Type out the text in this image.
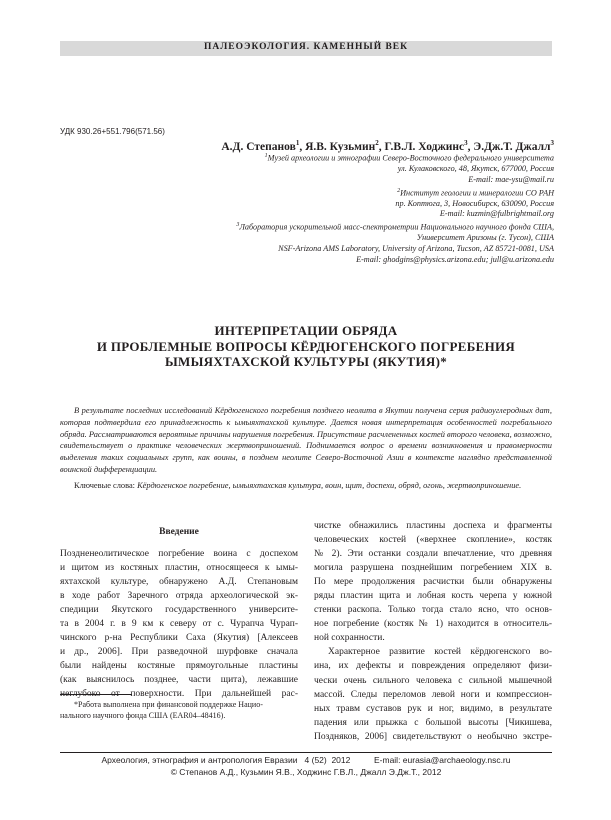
ПАЛЕОЭКОЛОГИЯ. КАМЕННЫЙ ВЕК
УДК 930.26+551.796(571.56)
А.Д. Степанов$^1$, Я.В. Кузьмин$^2$, Г.В.Л. Ходжинс$^3$, Э.Дж.Т. Джалл$^3$
$^1$Музей археологии и этнографии Северо-Восточного федерального университета
ул. Кулаковского, 48, Якутск, 677000, Россия
E-mail: mae-ysu@mail.ru
$^2$Институт геологии и минералогии СО РАН
пр. Коптюга, 3, Новосибирск, 630090, Россия
E-mail: kuzmin@fulbrightmail.org
$^3$Лаборатория ускорительной масс-спектрометрии Национального научного фонда США,
Университет Аризоны (г. Тусон), США
NSF-Arizona AMS Laboratory, University of Arizona, Tucson, AZ 85721-0081, USA
E-mail: ghodgins@physics.arizona.edu; jull@u.arizona.edu
ИНТЕРПРЕТАЦИИ ОБРЯДА
И ПРОБЛЕМНЫЕ ВОПРОСЫ КЁРДЮГЕНСКОГО ПОГРЕБЕНИЯ
ЫМЫЯХТАХСКОЙ КУЛЬТУРЫ (ЯКУТИЯ)*
В результате последних исследований Кёрдюгенского погребения позднего неолита в Якутии получена серия радиоуглеродных дат, которая подтвердила его принадлежность к ымыяхтахской культуре. Дается новая интерпретация особенностей погребального обряда. Рассматриваются вероятные причины нарушения погребения. Присутствие расчлененных костей второго человека, возможно, свидетельствует о практике человеческих жертвоприношений. Поднимается вопрос о времени возникновения и правомерности выделения таких социальных групп, как воины, в позднем неолите Северо-Восточной Азии в контексте наглядно представленной воинской дифференциации.
Ключевые слова: Кёрдюгенское погребение, ымыяхтахская культура, воин, щит, доспехи, обряд, огонь, жертвоприношение.
Введение
Поздненеолитическое погребение воина с доспехом
и щитом из костяных пластин, относящееся к ымы-
яхтахской культуре, обнаружено А.Д. Степановым
в ходе работ Заречного отряда археологической эк-
спедиции Якутского государственного университе-
та в 2004 г. в 9 км к северу от с. Чурапча Чурап-
чинского р-на Республики Саха (Якутия) [Алексеев
и др., 2006]. При разведочной шурфовке сначала
были найдены костяные прямоугольные пластины
(как выяснилось позднее, части щита), лежавшие
неглубоко от поверхности. При дальнейшей рас-
чистке обнажились пластины доспеха и фрагменты
человеческих костей («верхнее скопление», костяк
№ 2). Эти останки создали впечатление, что древняя
могила разрушена позднейшим погребением XIX в.
По мере продолжения расчистки были обнаружены
ряды пластин щита и лобная кость черепа у южной
стенки раскопа. Только тогда стало ясно, что основ-
ное погребение (костяк № 1) находится в относитель-
ной сохранности.
Характерное развитие костей кёрдюгенского во-
ина, их дефекты и повреждения определяют физи-
чески очень сильного человека с сильной мышечной
массой. Следы переломов левой ноги и компрессион-
ных травм суставов рук и ног, видимо, в результате
падения или прыжка с большой высоты [Чикишева,
Поздняков, 2006] свидетельствуют о необычно экстре-
*Работа выполнена при финансовой поддержке Нацио-
нального научного фонда США (EAR04–48416).
Археология, этнография и антропология Евразии   4 (52)  2012          E-mail: eurasia@archaeology.nsc.ru
© Степанов А.Д., Кузьмин Я.В., Ходжинс Г.В.Л., Джалл Э.Дж.Т., 2012
